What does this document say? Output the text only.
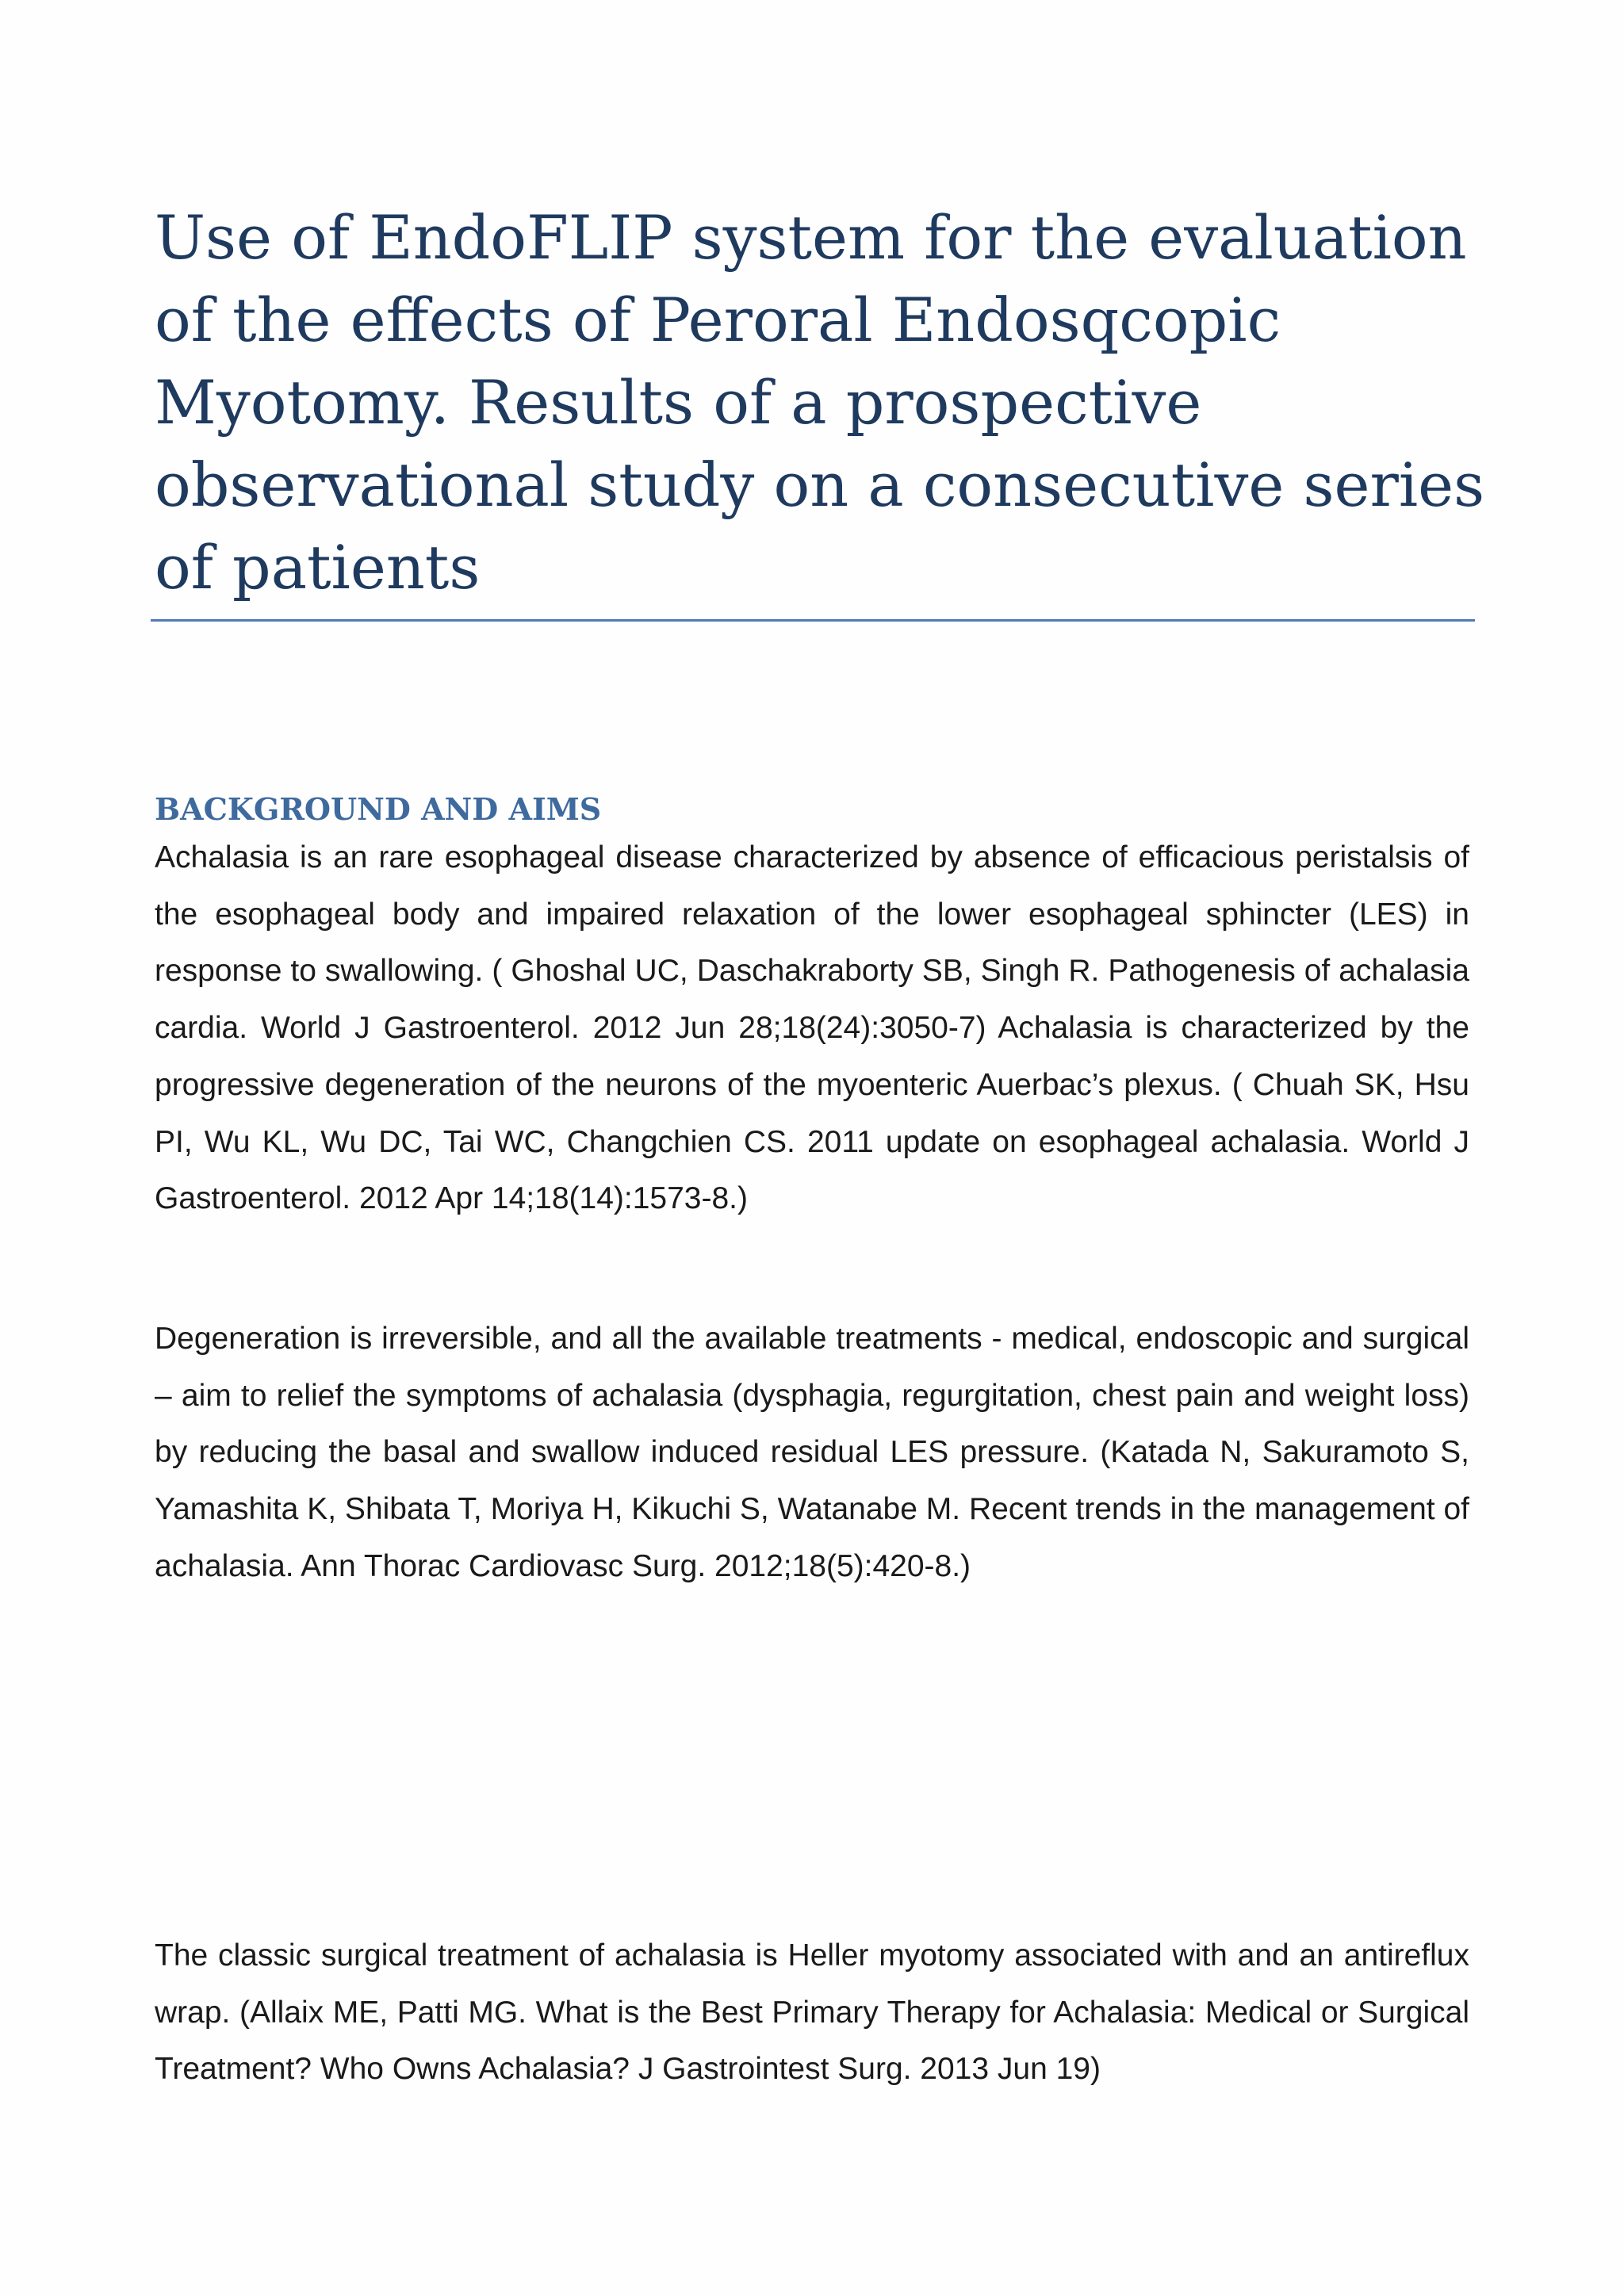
Use of EndoFLIP system for the evaluation of the effects of Peroral Endosqcopic Myotomy. Results of a prospective observational study on a consecutive series of patients
BACKGROUND AND AIMS

Achalasia is an rare esophageal disease characterized by absence of efficacious peristalsis of the esophageal body and impaired relaxation of the lower esophageal sphincter (LES) in response to swallowing. ( Ghoshal UC, Daschakraborty SB, Singh R. Pathogenesis of achalasia cardia. World J Gastroenterol. 2012 Jun 28;18(24):3050-7) Achalasia is characterized by the progressive degeneration of the neurons of the myoenteric Auerbac’s plexus. ( Chuah SK, Hsu PI, Wu KL, Wu DC, Tai WC, Changchien CS. 2011 update on esophageal achalasia. World J Gastroenterol. 2012 Apr 14;18(14):1573-8.)

Degeneration is irreversible, and all the available treatments - medical, endoscopic and surgical – aim to relief the symptoms of achalasia (dysphagia, regurgitation, chest pain and weight loss) by reducing the basal and swallow induced residual LES pressure. (Katada N, Sakuramoto S, Yamashita K, Shibata T, Moriya H, Kikuchi S, Watanabe M. Recent trends in the management of achalasia. Ann Thorac Cardiovasc Surg. 2012;18(5):420-8.)

The classic surgical treatment of achalasia is Heller myotomy associated with and an antireflux wrap. (Allaix ME, Patti MG. What is the Best Primary Therapy for Achalasia: Medical or Surgical Treatment? Who Owns Achalasia? J Gastrointest Surg. 2013 Jun 19)
